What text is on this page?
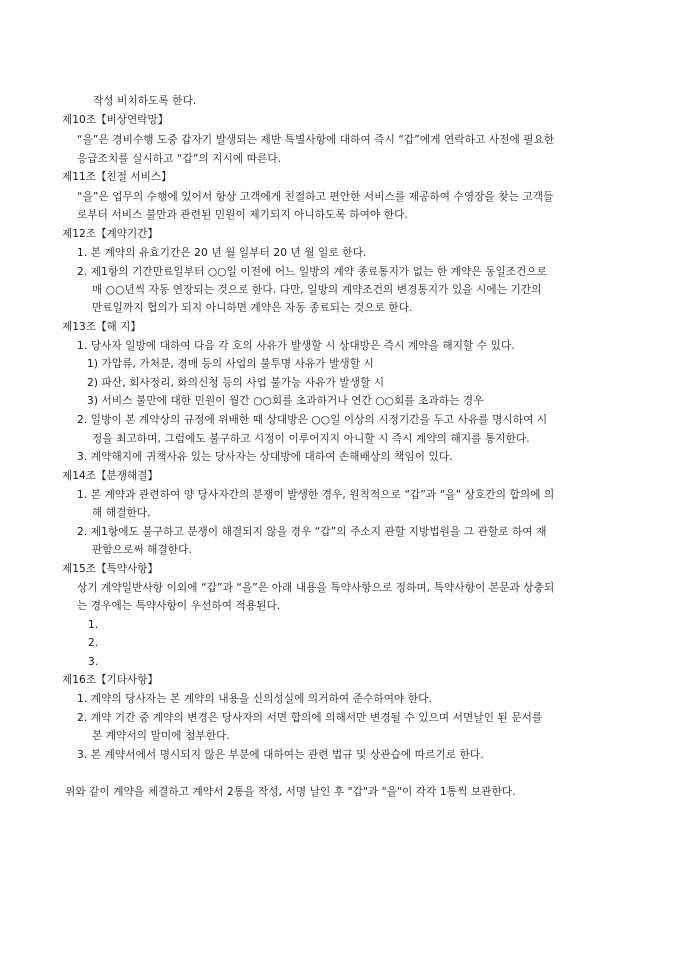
작성 비치하도록 한다.
제10조【비상연락망】
“을”은 경비수행 도중 갑자기 발생되는 제반 특별사항에 대하여 즉시 “갑”에게 연락하고 사전에 필요한
응급조치를 실시하고 “갑”의 지시에 따른다.
제11조【친절 서비스】
“을”은 업무의 수행에 있어서 항상 고객에게 친절하고 편안한 서비스를 제공하여 수영장을 찾는 고객들
로부터 서비스 불만과 관련된 민원이 제기되지 아니하도록 하여야 한다.
제12조【계약기간】
1. 본 계약의 유효기간은 20 년 월 일부터 20 년 월 일로 한다.
2. 제1항의 기간만료일부터 ○○일 이전에 어느 일방의 계약 종료통지가 없는 한 계약은 동일조건으로
매 ○○년씩 자동 연장되는 것으로 한다. 다만, 일방의 계약조건의 변경통지가 있을 시에는 기간의
만료일까지 협의가 되지 아니하면 계약은 자동 종료되는 것으로 한다.
제13조【해 지】
1. 당사자 일방에 대하여 다음 각 호의 사유가 발생할 시 상대방은 즉시 계약을 해지할 수 있다.
1) 가압류, 가처분, 경매 등의 사업의 불투명 사유가 발생할 시
2) 파산, 회사정리, 화의신청 등의 사업 불가능 사유가 발생할 시
3) 서비스 불만에 대한 민원이 월간 ○○회를 초과하거나 연간 ○○회를 초과하는 경우
2. 일방이 본 계약상의 규정에 위배한 때 상대방은 ○○일 이상의 시정기간을 두고 사유를 명시하여 시
정을 최고하며, 그럼에도 불구하고 시정이 이루어지지 아니할 시 즉시 계약의 해지를 통지한다.
3. 계약해지에 귀책사유 있는 당사자는 상대방에 대하여 손해배상의 책임이 있다.
제14조【분쟁해결】
1. 본 계약과 관련하여 양 당사자간의 분쟁이 발생한 경우, 원칙적으로 “갑”과 “을” 상호간의 합의에 의
해 해결한다.
2. 제1항에도 불구하고 분쟁이 해결되지 않을 경우 “갑”의 주소지 관할 지방법원을 그 관할로 하여 재
판함으로써 해결한다.
제15조【특약사항】
상기 계약일반사항 이외에 “갑”과 “을”은 아래 내용을 특약사항으로 정하며, 특약사항이 본문과 상충되
는 경우에는 특약사항이 우선하여 적용된다.
1.
2.
3.
제16조【기타사항】
1. 계약의 당사자는 본 계약의 내용을 신의성실에 의거하여 준수하여야 한다.
2. 계약 기간 중 계약의 변경은 당사자의 서면 합의에 의해서만 변경될 수 있으며 서면날인 된 문서를
본 계약서의 말미에 첨부한다.
3. 본 계약서에서 명시되지 않은 부분에 대하여는 관련 법규 및 상관습에 따르기로 한다.
위와 같이 계약을 체결하고 계약서 2통을 작성, 서명 날인 후 "갑"과 "을"이 각각 1통씩 보관한다.
